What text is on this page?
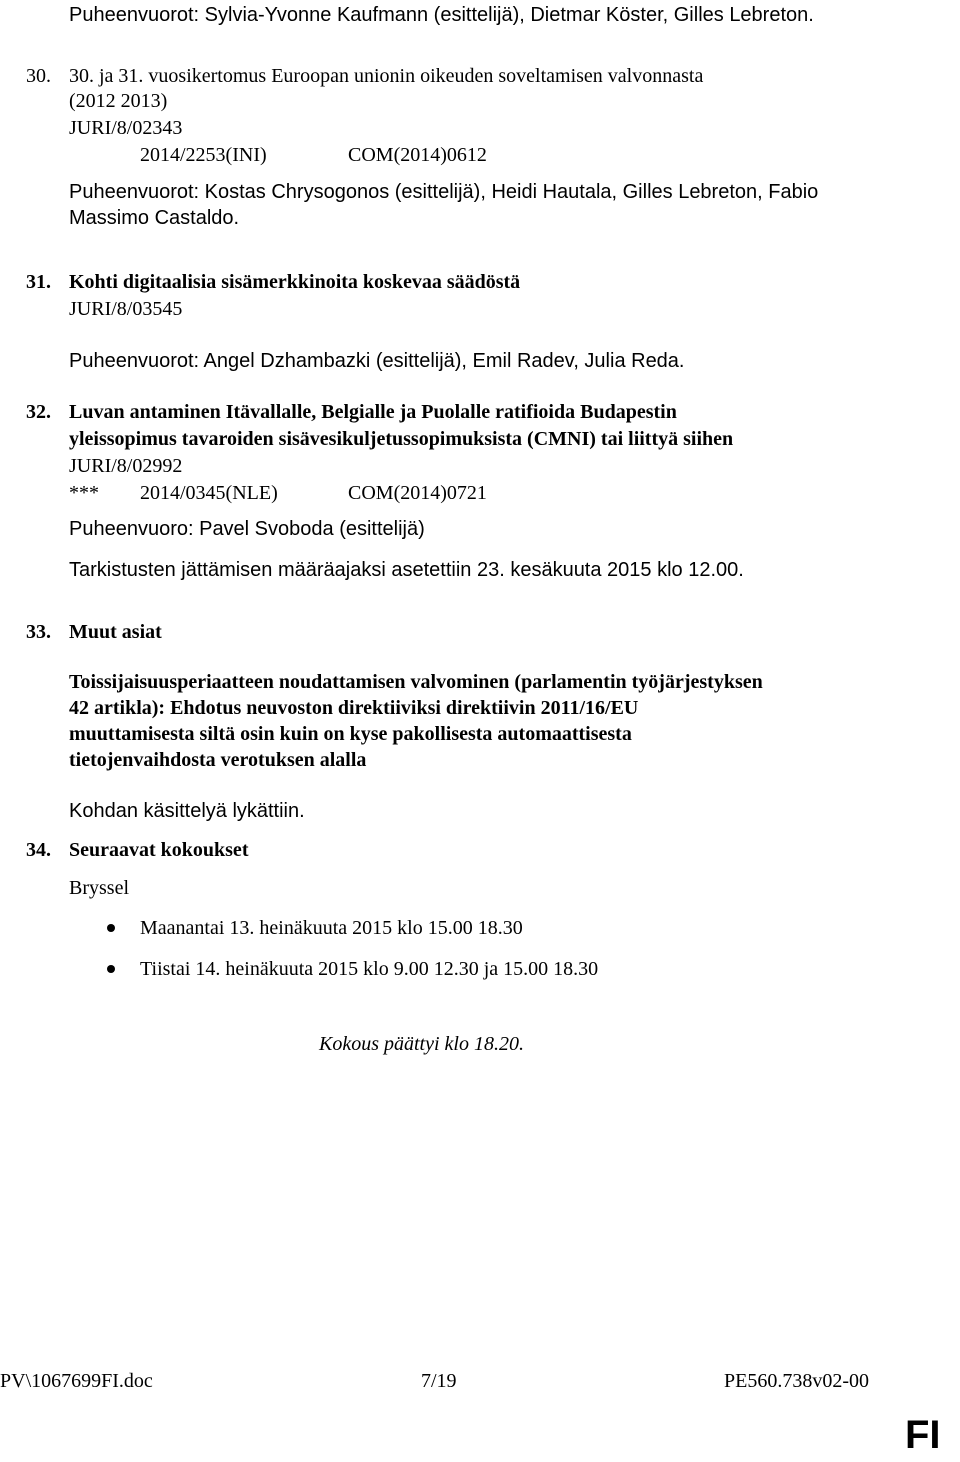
Puheenvuorot: Sylvia-Yvonne Kaufmann (esittelijä), Dietmar Köster, Gilles Lebreton.
30. 30. ja 31. vuosikertomus Euroopan unionin oikeuden soveltamisen valvonnasta
(2012 2013)
JURI/8/02343
2014/2253(INI)	COM(2014)0612
Puheenvuorot: Kostas Chrysogonos (esittelijä), Heidi Hautala, Gilles Lebreton, Fabio
Massimo Castaldo.
31. Kohti digitaalisia sisämerkkinoita koskevaa säädöstä
JURI/8/03545
Puheenvuorot: Angel Dzhambazki (esittelijä), Emil Radev, Julia Reda.
32. Luvan antaminen Itävallalle, Belgialle ja Puolalle ratifioida Budapestin
yleissopimus tavaroiden sisävesikuljetussopimuksista (CMNI) tai liittyä siihen
JURI/8/02992
*** 2014/0345(NLE)	COM(2014)0721
Puheenvuoro: Pavel Svoboda (esittelijä)
Tarkistusten jättämisen määräajaksi asetettiin 23. kesäkuuta 2015 klo 12.00.
33. Muut asiat
Toissijaisuusperiaatteen noudattamisen valvominen (parlamentin työjärjestyksen
42 artikla): Ehdotus neuvoston direktiiviksi direktiivin 2011/16/EU
muuttamisesta siltä osin kuin on kyse pakollisesta automaattisesta
tietojenvaihdosta verotuksen alalla
Kohdan käsittelyä lykättiin.
34. Seuraavat kokoukset
Bryssel
Maanantai 13. heinäkuuta 2015 klo 15.00 18.30
Tiistai 14. heinäkuuta 2015 klo 9.00 12.30 ja 15.00 18.30
Kokous päättyi klo 18.20.
PV\1067699FI.doc	7/19	PE560.738v02-00
FI
